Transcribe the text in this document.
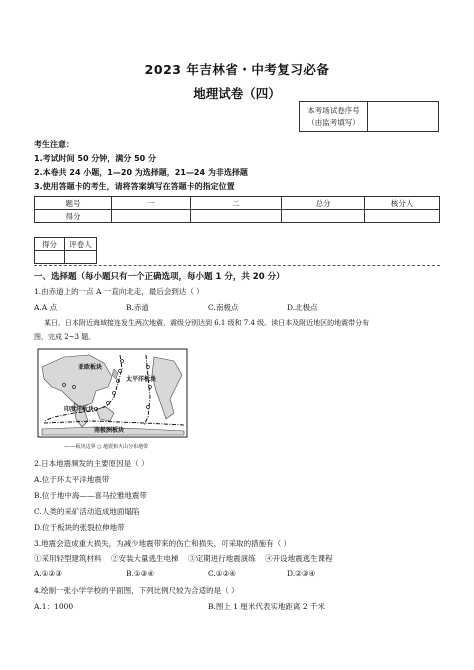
2023 年吉林省・中考复习必备
地理试卷（四）
本考场试卷序号
（由监考填写）

考生注意：
1.考试时间 50 分钟，满分 50 分
2.本卷共 24 小题，1—20 为选择题，21—24 为非选择题
3.使用答题卡的考生，请将答案填写在答题卡的指定位置
题号	一	二	总分	核分人
得分				
得分	评卷人

一、选择题（每小题只有一个正确选项，每小题 1 分，共 20 分）
1.由赤道上的一点 A 一直向北走，最后会到达（ ）
A.A 点	B.赤道	C.南极点	D.北极点
某日，日本附近海域接连发生两次地震，震级分别达到 6.1 级和 7.4 级。读日本及附近地区的地震带分布
图，完成 2~3 题。
亚欧板块
太平洋板块
印度洋板块
南极洲板块
—·—板块边界 ○ 地震和火山分布地带
2.日本地震频发的主要原因是（ ）
A.位于环太平洋地震带
B.位于地中海——喜马拉雅地震带
C.人类的采矿活动造成地面塌陷
D.位于板块的张裂拉伸地带
3.地震会造成重大损失，为减少地震带来的伤亡和损失，可采取的措施有（ ）
①采用轻型建筑材料    ②安装大量逃生电梯    ③定期进行地震演练    ④开设地震逃生课程
A.①②③	B.①③④	C.①②④	D.②③④
4.绘制一张小学学校的平面图，下列比例尺较为合适的是（ ）
A.1：1000	B.图上 1 厘米代表实地距离 2 千米
